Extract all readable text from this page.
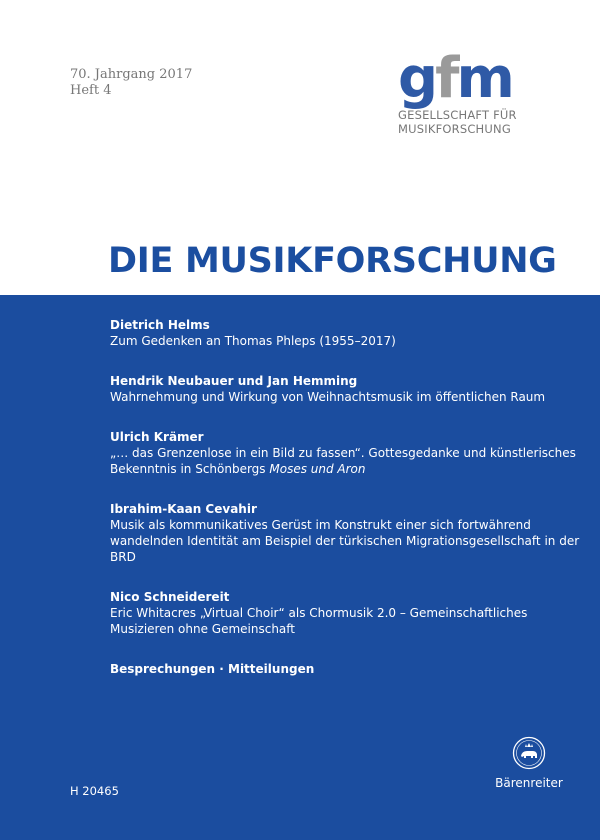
70. Jahrgang 2017
Heft 4	gfm
GESELLSCHAFT FÜR
MUSIKFORSCHUNG
DIE MUSIKFORSCHUNG
Dietrich Helms
Zum Gedenken an Thomas Phleps (1955–2017)
Hendrik Neubauer und Jan Hemming
Wahrnehmung und Wirkung von Weihnachtsmusik im öffentlichen Raum
Ulrich Krämer
„… das Grenzenlose in ein Bild zu fassen“. Gottesgedanke und künstlerisches Bekenntnis in Schönbergs Moses und Aron
Ibrahim-Kaan Cevahir
Musik als kommunikatives Gerüst im Konstrukt einer sich fortwährend wandelnden Identität am Beispiel der türkischen Migrationsgesellschaft in der BRD
Nico Schneidereit
Eric Whitacres „Virtual Choir“ als Chormusik 2.0 – Gemeinschaftliches Musizieren ohne Gemeinschaft
Besprechungen · Mitteilungen
H 20465
Bärenreiter
